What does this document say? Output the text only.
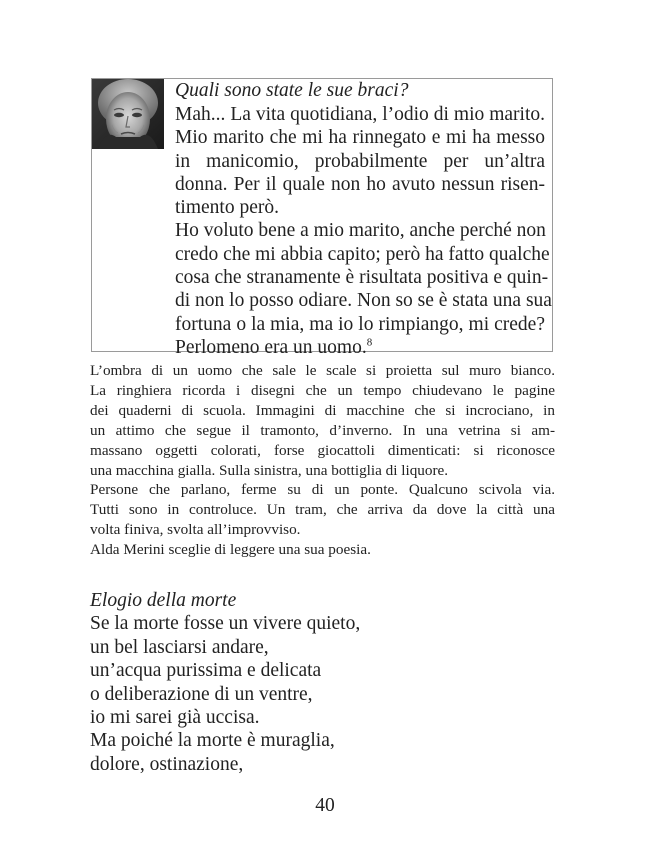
Quali sono state le sue braci?

Mah... La vita quotidiana, l’odio di mio marito.
Mio marito che mi ha rinnegato e mi ha messo
in manicomio, probabilmente per un’altra
donna. Per il quale non ho avuto nessun risen-
timento però.
Ho voluto bene a mio marito, anche perché non
credo che mi abbia capito; però ha fatto qualche
cosa che stranamente è risultata positiva e quin-
di non lo posso odiare. Non so se è stata una sua
fortuna o la mia, ma io lo rimpiango, mi crede?
Perlomeno era un uomo.$^8$

L’ombra di un uomo che sale le scale si proietta sul muro bianco.
La ringhiera ricorda i disegni che un tempo chiudevano le pagine
dei quaderni di scuola. Immagini di macchine che si incrociano, in
un attimo che segue il tramonto, d’inverno. In una vetrina si am-
massano oggetti colorati, forse giocattoli dimenticati: si riconosce
una macchina gialla. Sulla sinistra, una bottiglia di liquore.
Persone che parlano, ferme su di un ponte. Qualcuno scivola via.
Tutti sono in controluce. Un tram, che arriva da dove la città una
volta finiva, svolta all’improvviso.
Alda Merini sceglie di leggere una sua poesia.

Elogio della morte

Se la morte fosse un vivere quieto,
un bel lasciarsi andare,
un’acqua purissima e delicata
o deliberazione di un ventre,
io mi sarei già uccisa.
Ma poiché la morte è muraglia,
dolore, ostinazione,
40
